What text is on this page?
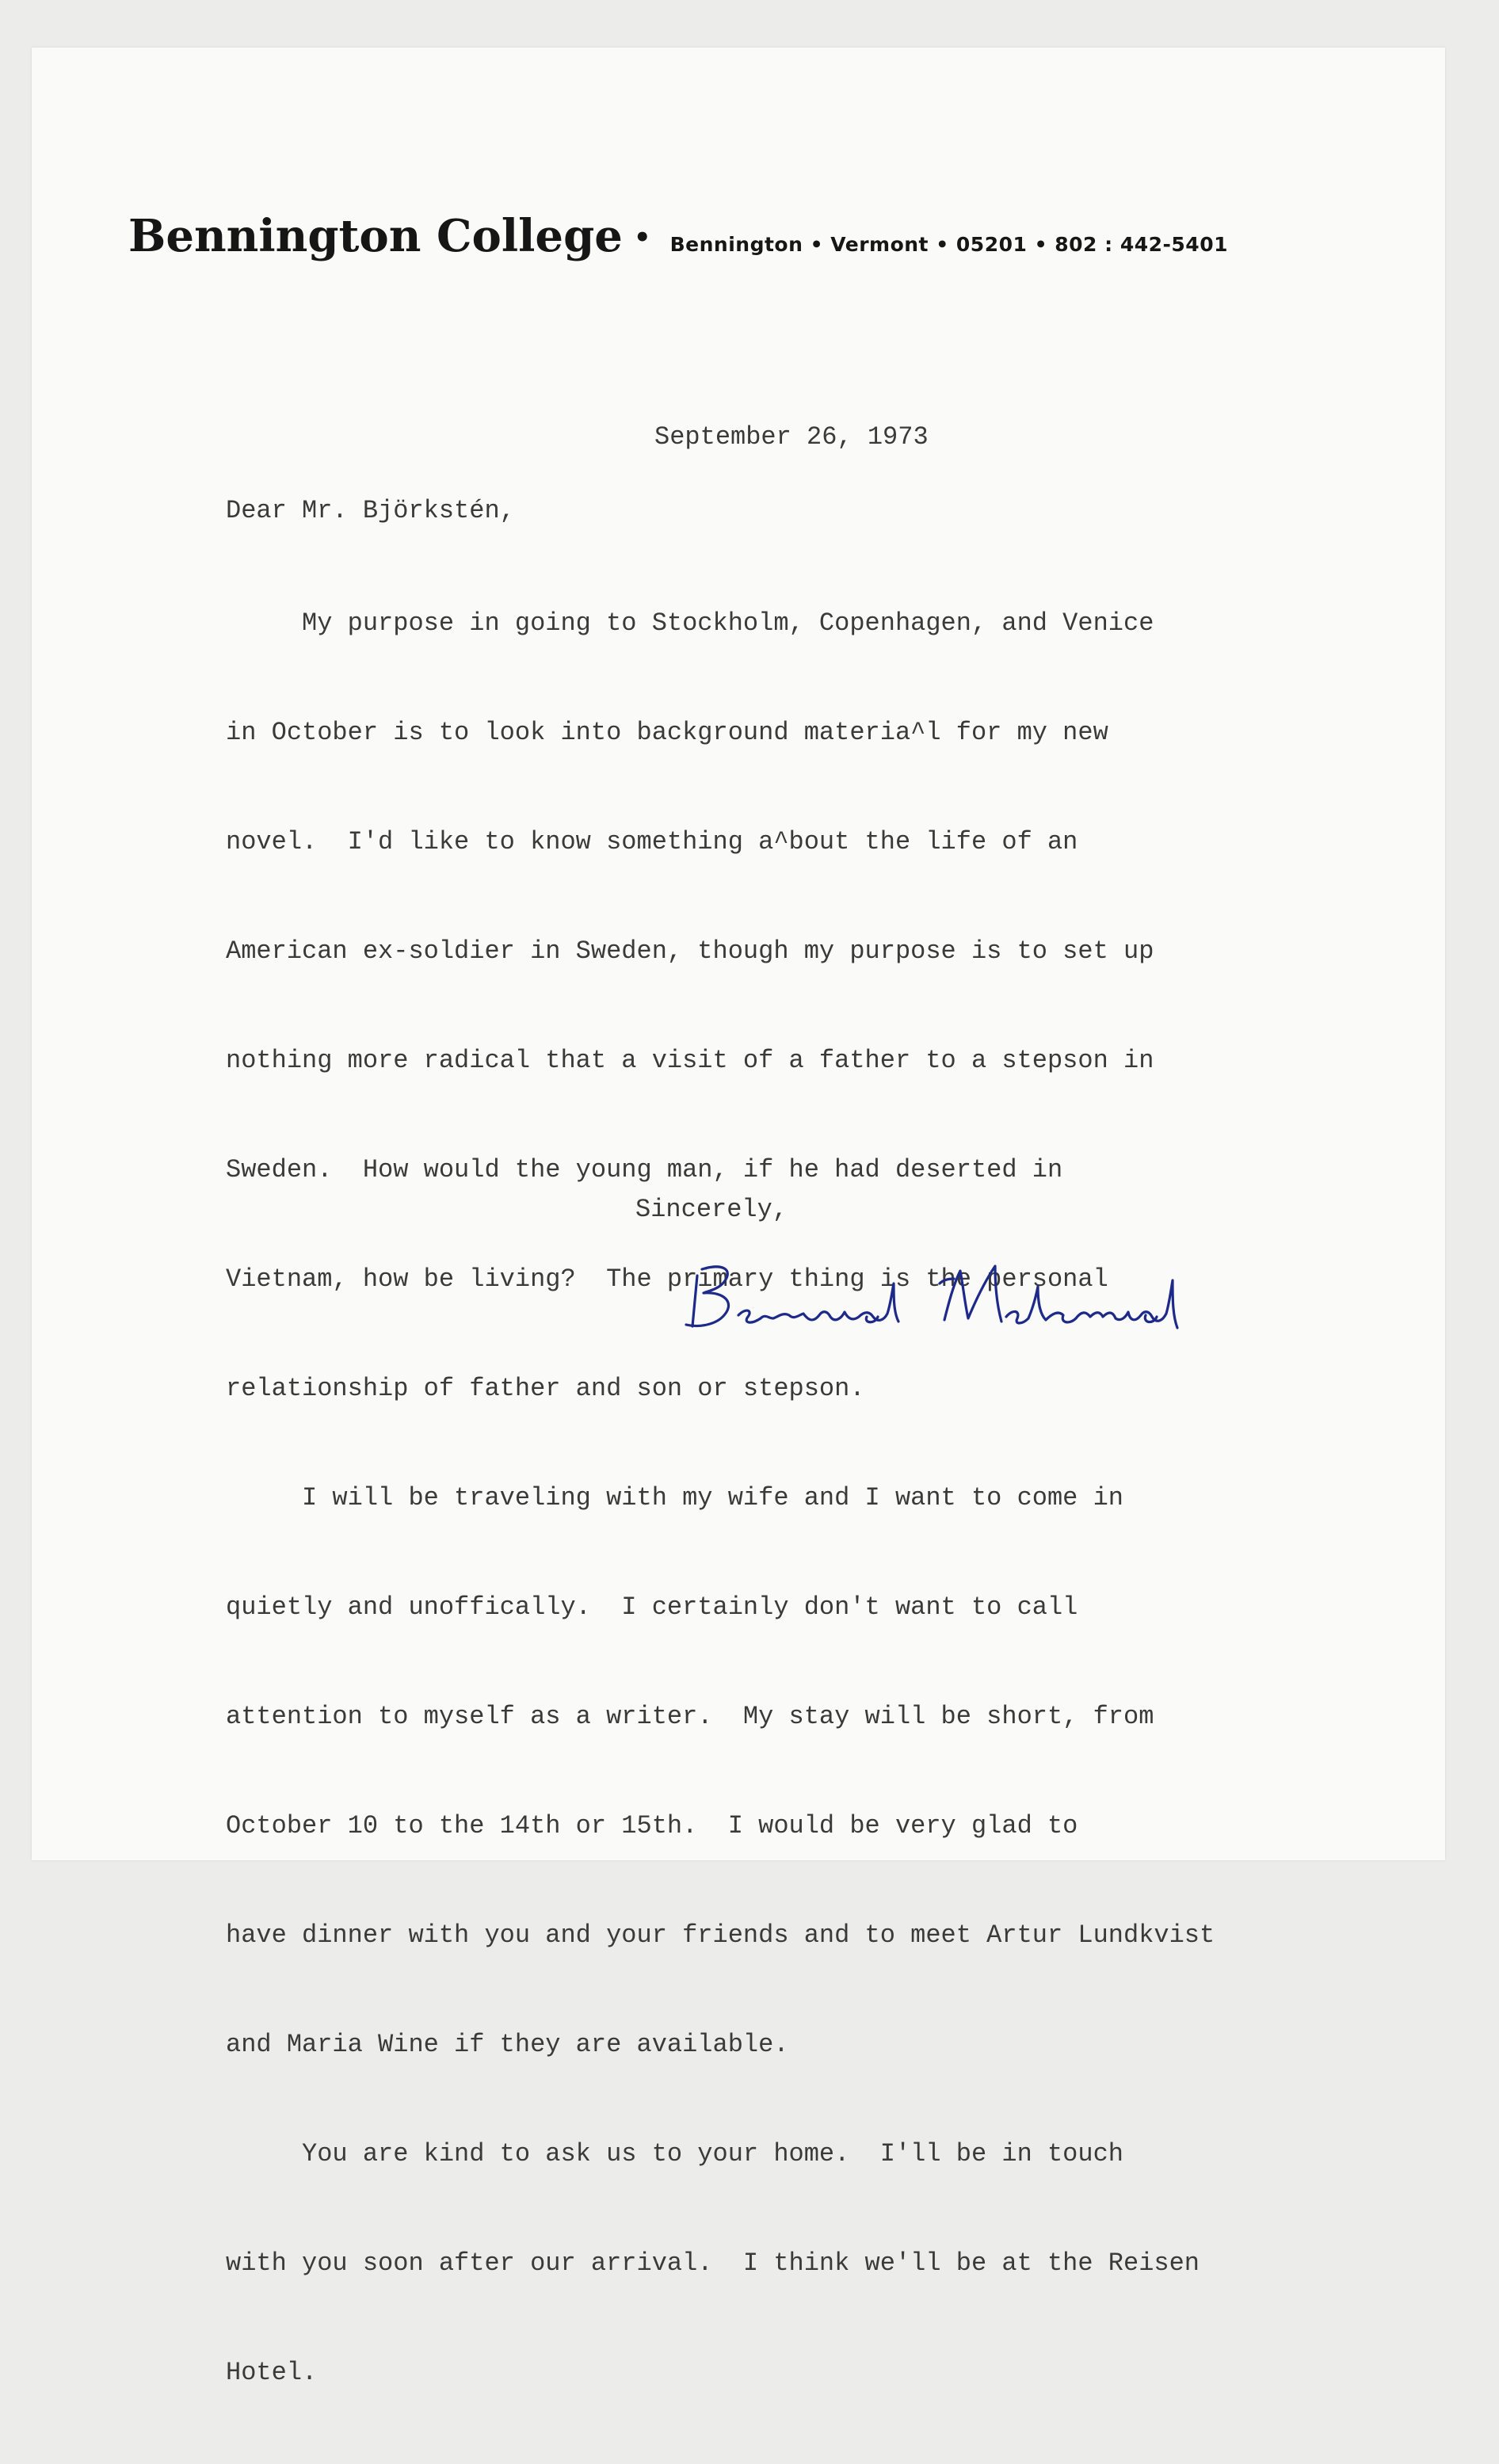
Bennington College • Bennington • Vermont • 05201 • 802 : 442-5401
September 26, 1973
Dear Mr. Björkstén,

My purpose in going to Stockholm, Copenhagen, and Venice

in October is to look into background materia^l for my new

novel.  I'd like to know something a^bout the life of an

American ex-soldier in Sweden, though my purpose is to set up

nothing more radical that a visit of a father to a stepson in

Sweden.  How would the young man, if he had deserted in

Vietnam, how be living?  The primary thing is the personal

relationship of father and son or stepson.

I will be traveling with my wife and I want to come in

quietly and unoffically.  I certainly don't want to call

attention to myself as a writer.  My stay will be short, from

October 10 to the 14th or 15th.  I would be very glad to

have dinner with you and your friends and to meet Artur Lundkvist

and Maria Wine if they are available.

You are kind to ask us to your home.  I'll be in touch

with you soon after our arrival.  I think we'll be at the Reisen

Hotel.

Sincerely,
